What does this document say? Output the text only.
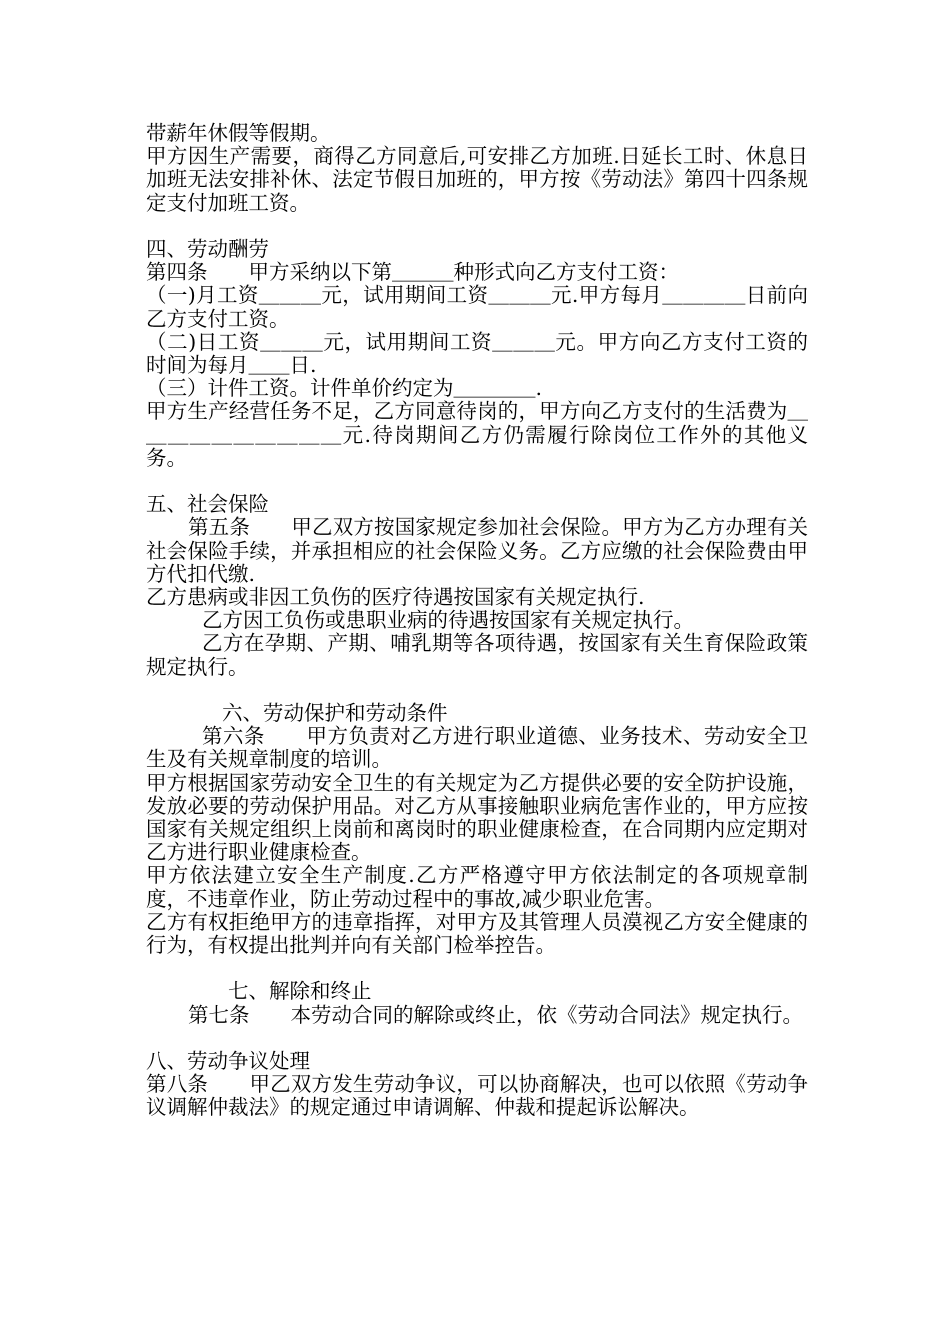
带薪年休假等假期。

甲方因生产需要，商得乙方同意后,可安排乙方加班.日延长工时、休息日加班无法安排补休、法定节假日加班的，甲方按《劳动法》第四十四条规定支付加班工资。

四、劳动酬劳

第四条　　甲方采纳以下第＿＿＿种形式向乙方支付工资：

（一)月工资＿＿＿元，试用期间工资＿＿＿元.甲方每月＿＿＿＿日前向乙方支付工资。

（二)日工资＿＿＿元，试用期间工资＿＿＿元。甲方向乙方支付工资的时间为每月＿＿日.

（三）计件工资。计件单价约定为＿＿＿＿.

甲方生产经营任务不足，乙方同意待岗的，甲方向乙方支付的生活费为＿＿＿＿＿＿＿＿＿＿元.待岗期间乙方仍需履行除岗位工作外的其他义务。

五、社会保险

第五条　　甲乙双方按国家规定参加社会保险。甲方为乙方办理有关社会保险手续，并承担相应的社会保险义务。乙方应缴的社会保险费由甲方代扣代缴.

乙方患病或非因工负伤的医疗待遇按国家有关规定执行.

乙方因工负伤或患职业病的待遇按国家有关规定执行。

乙方在孕期、产期、哺乳期等各项待遇，按国家有关生育保险政策规定执行。

六、劳动保护和劳动条件

第六条　　甲方负责对乙方进行职业道德、业务技术、劳动安全卫生及有关规章制度的培训。

甲方根据国家劳动安全卫生的有关规定为乙方提供必要的安全防护设施，发放必要的劳动保护用品。对乙方从事接触职业病危害作业的，甲方应按国家有关规定组织上岗前和离岗时的职业健康检查，在合同期内应定期对乙方进行职业健康检查。

甲方依法建立安全生产制度.乙方严格遵守甲方依法制定的各项规章制度，不违章作业，防止劳动过程中的事故,减少职业危害。

乙方有权拒绝甲方的违章指挥，对甲方及其管理人员漠视乙方安全健康的行为，有权提出批判并向有关部门检举控告。

七、解除和终止

第七条　　本劳动合同的解除或终止，依《劳动合同法》规定执行。

八、劳动争议处理

第八条　　甲乙双方发生劳动争议，可以协商解决，也可以依照《劳动争议调解仲裁法》的规定通过申请调解、仲裁和提起诉讼解决。
